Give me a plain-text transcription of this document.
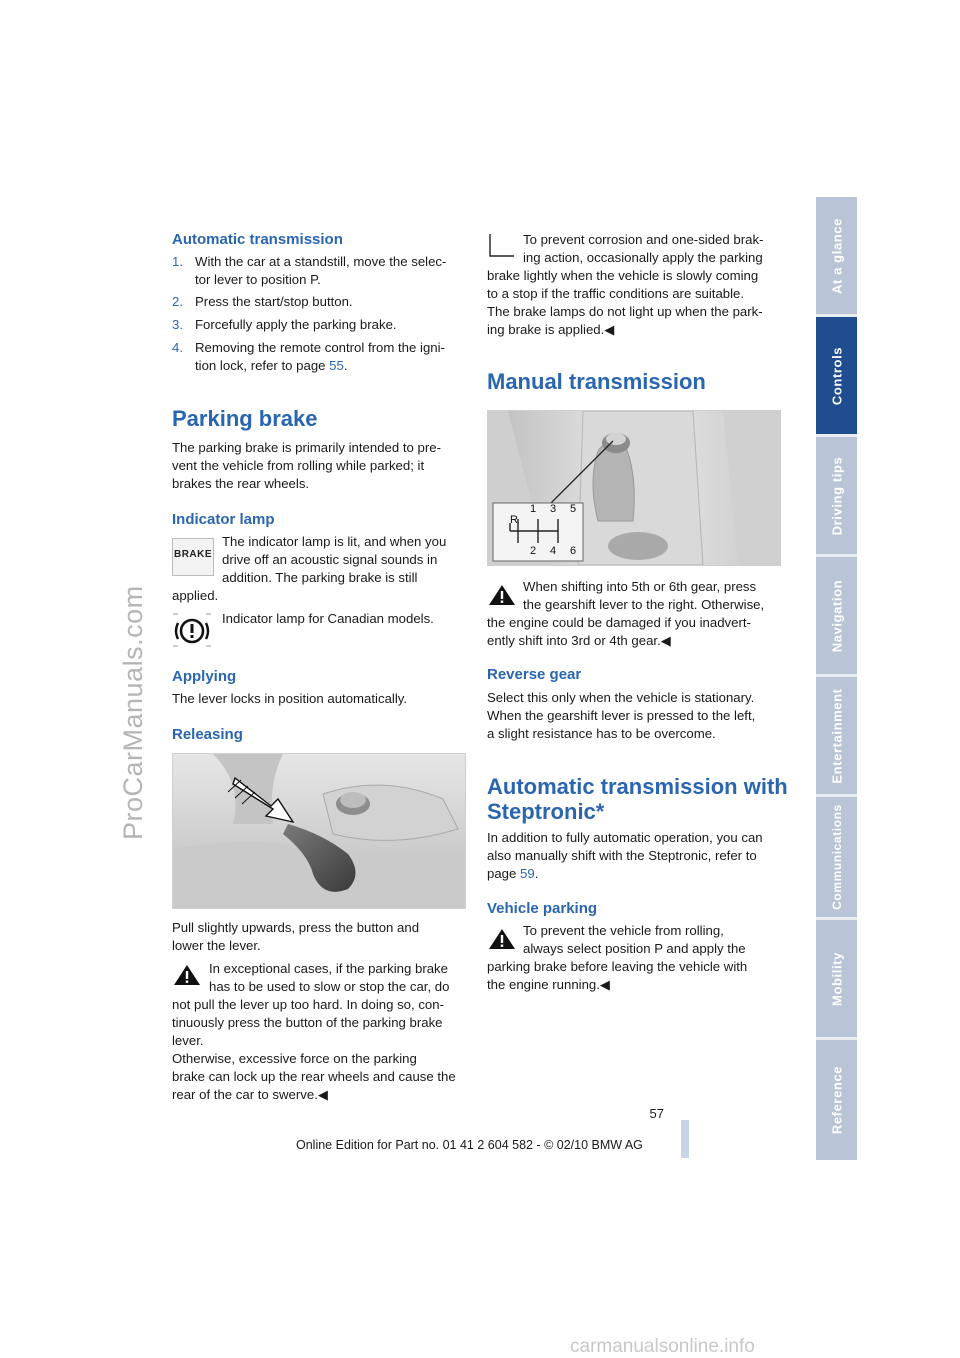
ProCarManuals.com
carmanualsonline.info
At a glance
Controls
Driving tips
Navigation
Entertainment
Communications
Mobility
Reference
Automatic transmission
1. With the car at a standstill, move the selec-
tor lever to position P.
2. Press the start/stop button.
3. Forcefully apply the parking brake.
4. Removing the remote control from the igni-
tion lock, refer to page 55.
Parking brake
The parking brake is primarily intended to pre-
vent the vehicle from rolling while parked; it
brakes the rear wheels.
Indicator lamp
BRAKE
The indicator lamp is lit, and when you
drive off an acoustic signal sounds in
addition. The parking brake is still
applied.
Indicator lamp for Canadian models.
Applying
The lever locks in position automatically.
Releasing
Pull slightly upwards, press the button and
lower the lever.
In exceptional cases, if the parking brake
has to be used to slow or stop the car, do
not pull the lever up too hard. In doing so, con-
tinuously press the button of the parking brake
lever.
Otherwise, excessive force on the parking
brake can lock up the rear wheels and cause the
rear of the car to swerve.◀
To prevent corrosion and one-sided brak-
ing action, occasionally apply the parking
brake lightly when the vehicle is slowly coming
to a stop if the traffic conditions are suitable.
The brake lamps do not light up when the park-
ing brake is applied.◀
Manual transmission
R
1 3 5
2 4 6
When shifting into 5th or 6th gear, press
the gearshift lever to the right. Otherwise,
the engine could be damaged if you inadvert-
ently shift into 3rd or 4th gear.◀
Reverse gear
Select this only when the vehicle is stationary.
When the gearshift lever is pressed to the left,
a slight resistance has to be overcome.
Automatic transmission with
Steptronic*
In addition to fully automatic operation, you can
also manually shift with the Steptronic, refer to
page 59.
Vehicle parking
To prevent the vehicle from rolling,
always select position P and apply the
parking brake before leaving the vehicle with
the engine running.◀
57
Online Edition for Part no. 01 41 2 604 582 - © 02/10 BMW AG
